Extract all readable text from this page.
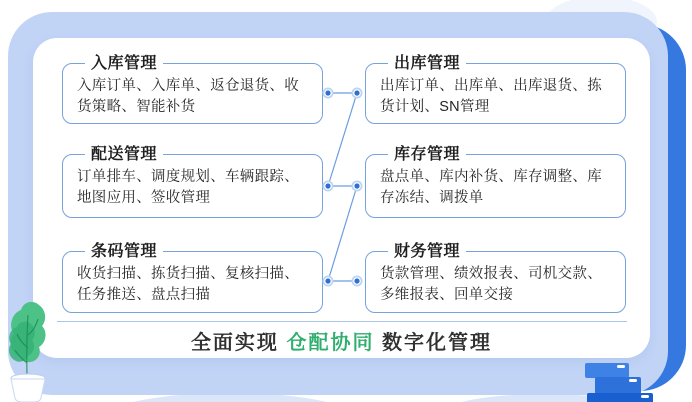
入库管理

入库订单、入库单、返仓退货、收货策略、智能补货

出库管理

出库订单、出库单、出库退货、拣货计划、SN管理

配送管理

订单排车、调度规划、车辆跟踪、地图应用、签收管理

库存管理

盘点单、库内补货、库存调整、库存冻结、调拨单

条码管理

收货扫描、拣货扫描、复核扫描、任务推送、盘点扫描

财务管理

货款管理、绩效报表、司机交款、多维报表、回单交接

全面实现 仓配协同 数字化管理
